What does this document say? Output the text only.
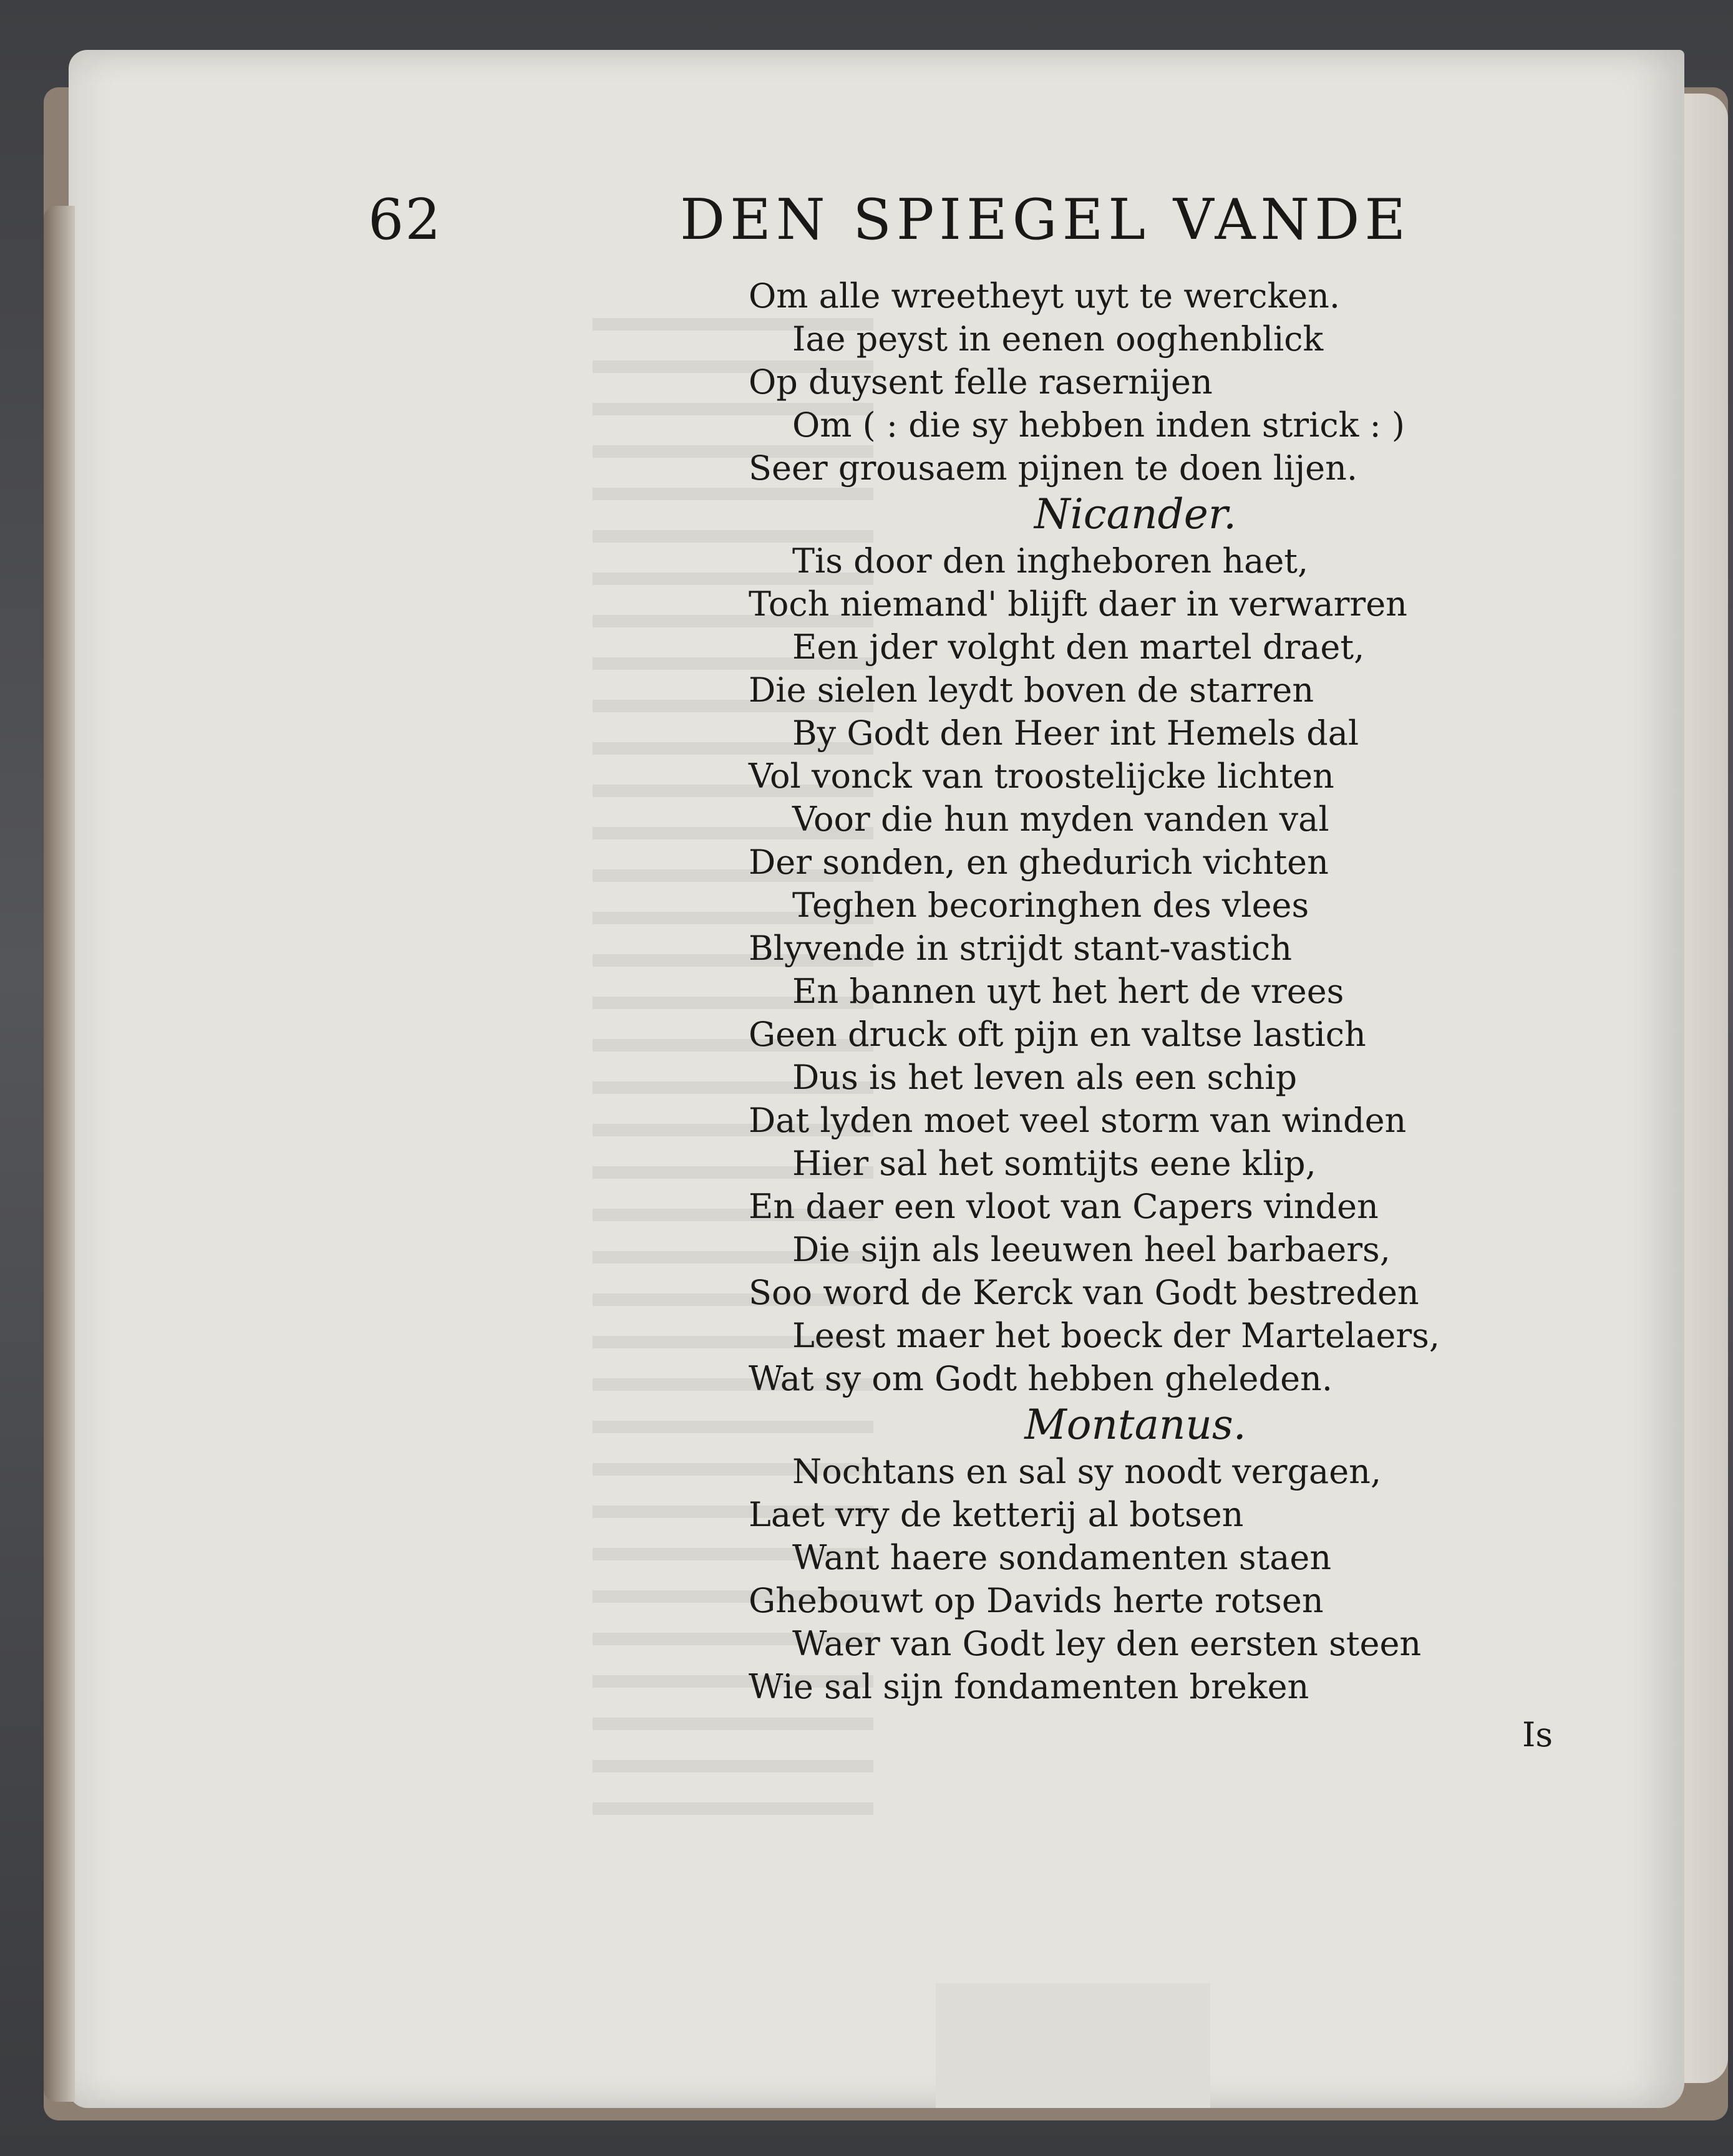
62	DEN SPIEGEL VANDE
Om alle wreetheyt uyt te wercken.
Iae peyst in eenen ooghenblick
Op duysent felle rasernijen
Om ( : die sy hebben inden strick : )
Seer grousaem pijnen te doen lijen.
Nicander.
Tis door den ingheboren haet,
Toch niemand' blijft daer in verwarren
Een jder volght den martel draet,
Die sielen leydt boven de starren
By Godt den Heer int Hemels dal
Vol vonck van troostelijcke lichten
Voor die hun myden vanden val
Der sonden, en ghedurich vichten
Teghen becoringhen des vlees
Blyvende in strijdt stant-vastich
En bannen uyt het hert de vrees
Geen druck oft pijn en valtse lastich
Dus is het leven als een schip
Dat lyden moet veel storm van winden
Hier sal het somtijts eene klip,
En daer een vloot van Capers vinden
Die sijn als leeuwen heel barbaers,
Soo word de Kerck van Godt bestreden
Leest maer het boeck der Martelaers,
Wat sy om Godt hebben gheleden.
Montanus.
Nochtans en sal sy noodt vergaen,
Laet vry de ketterij al botsen
Want haere sondamenten staen
Ghebouwt op Davids herte rotsen
Waer van Godt ley den eersten steen
Wie sal sijn fondamenten breken
Is
